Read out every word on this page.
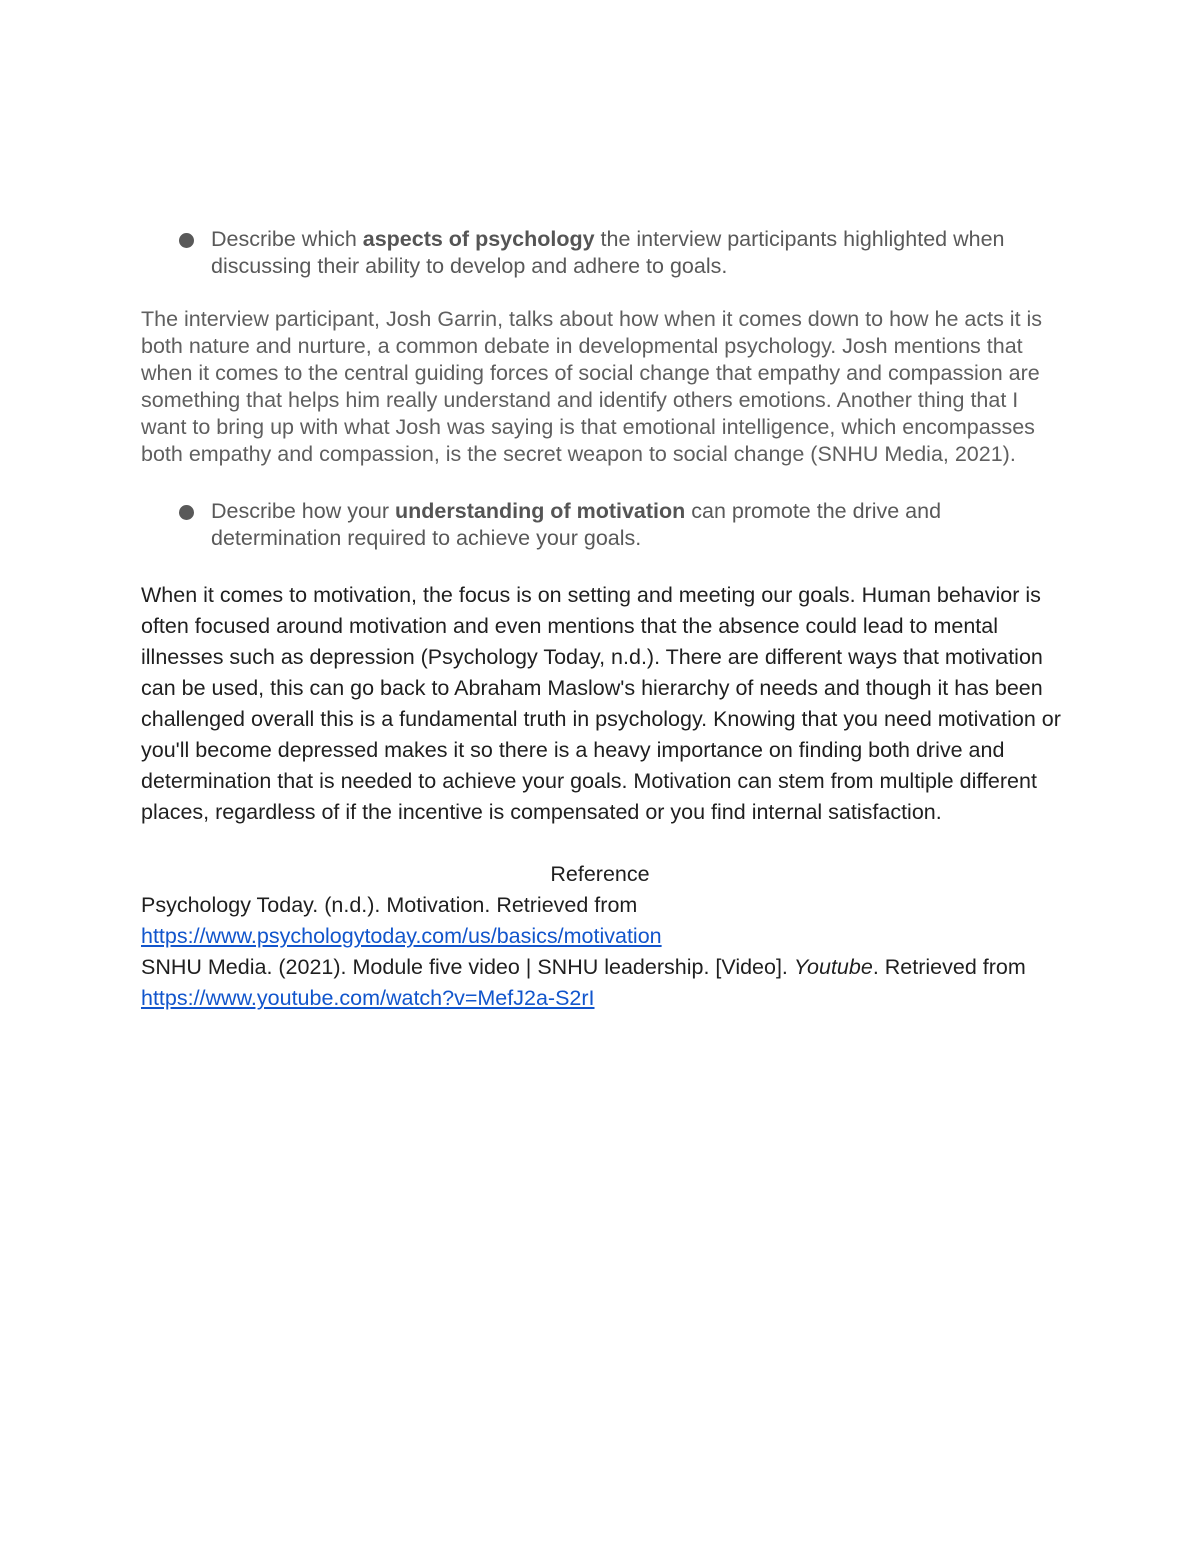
Describe which aspects of psychology the interview participants highlighted when discussing their ability to develop and adhere to goals.
The interview participant, Josh Garrin, talks about how when it comes down to how he acts it is both nature and nurture, a common debate in developmental psychology. Josh mentions that when it comes to the central guiding forces of social change that empathy and compassion are something that helps him really understand and identify others emotions. Another thing that I want to bring up with what Josh was saying is that emotional intelligence, which encompasses both empathy and compassion, is the secret weapon to social change (SNHU Media, 2021).
Describe how your understanding of motivation can promote the drive and determination required to achieve your goals.
When it comes to motivation, the focus is on setting and meeting our goals. Human behavior is often focused around motivation and even mentions that the absence could lead to mental illnesses such as depression (Psychology Today, n.d.). There are different ways that motivation can be used, this can go back to Abraham Maslow's hierarchy of needs and though it has been challenged overall this is a fundamental truth in psychology. Knowing that you need motivation or you'll become depressed makes it so there is a heavy importance on finding both drive and determination that is needed to achieve your goals. Motivation can stem from multiple different places, regardless of if the incentive is compensated or you find internal satisfaction.
Reference
Psychology Today. (n.d.). Motivation. Retrieved from
https://www.psychologytoday.com/us/basics/motivation
SNHU Media. (2021). Module five video | SNHU leadership. [Video]. Youtube. Retrieved from https://www.youtube.com/watch?v=MefJ2a-S2rI
